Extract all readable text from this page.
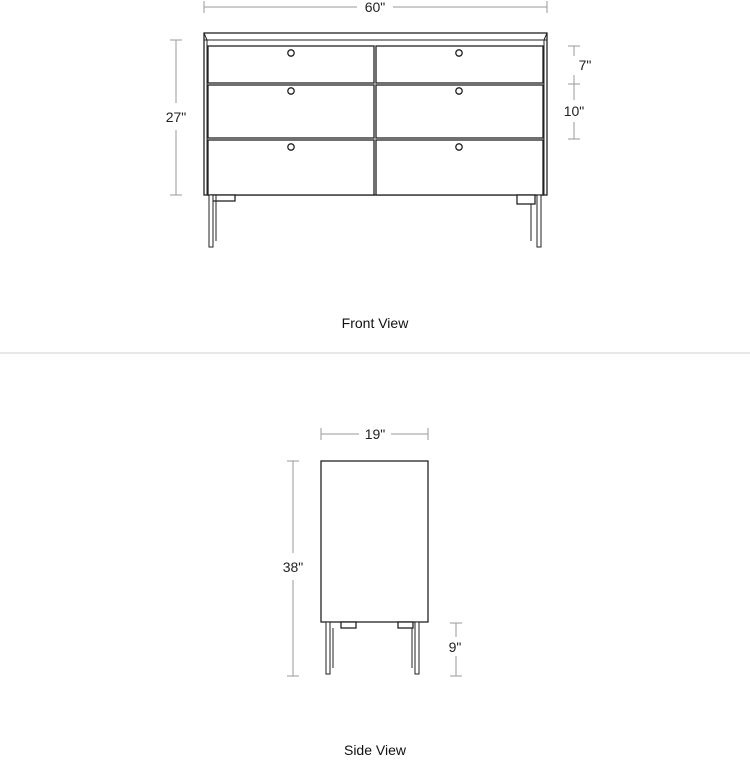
60"
27"
7"
10"
Front View
19"
38"
9"
Side View
